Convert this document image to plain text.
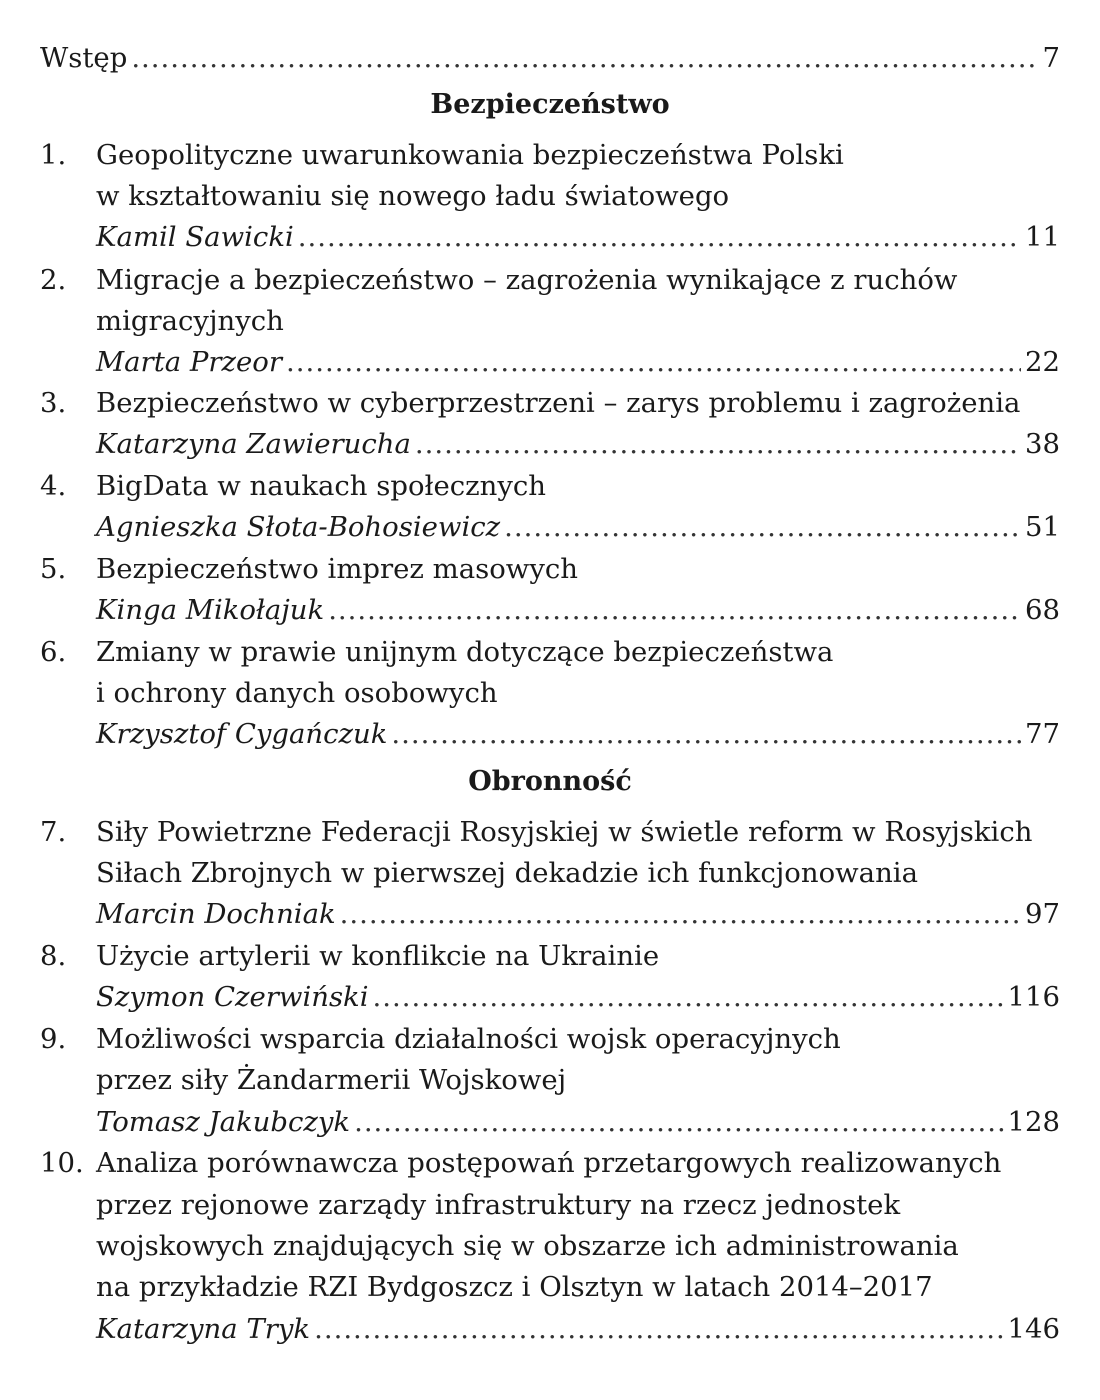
Wstęp .....	7
Bezpieczeństwo
1. Geopolityczne uwarunkowania bezpieczeństwa Polski
w kształtowaniu się nowego ładu światowego
Kamil Sawicki .....	11
2. Migracje a bezpieczeństwo – zagrożenia wynikające z ruchów
migracyjnych
Marta Przeor .....	22
3. Bezpieczeństwo w cyberprzestrzeni – zarys problemu i zagrożenia
Katarzyna Zawierucha .....	38
4. BigData w naukach społecznych
Agnieszka Słota-Bohosiewicz .....	51
5. Bezpieczeństwo imprez masowych
Kinga Mikołajuk .....	68
6. Zmiany w prawie unijnym dotyczące bezpieczeństwa
i ochrony danych osobowych
Krzysztof Cygańczuk .....	77
Obronność
7. Siły Powietrzne Federacji Rosyjskiej w świetle reform w Rosyjskich
Siłach Zbrojnych w pierwszej dekadzie ich funkcjonowania
Marcin Dochniak .....	97
8. Użycie artylerii w konflikcie na Ukrainie
Szymon Czerwiński .....	116
9. Możliwości wsparcia działalności wojsk operacyjnych
przez siły Żandarmerii Wojskowej
Tomasz Jakubczyk .....	128
10. Analiza porównawcza postępowań przetargowych realizowanych
przez rejonowe zarządy infrastruktury na rzecz jednostek
wojskowych znajdujących się w obszarze ich administrowania
na przykładzie RZI Bydgoszcz i Olsztyn w latach 2014–2017
Katarzyna Tryk .....	146
